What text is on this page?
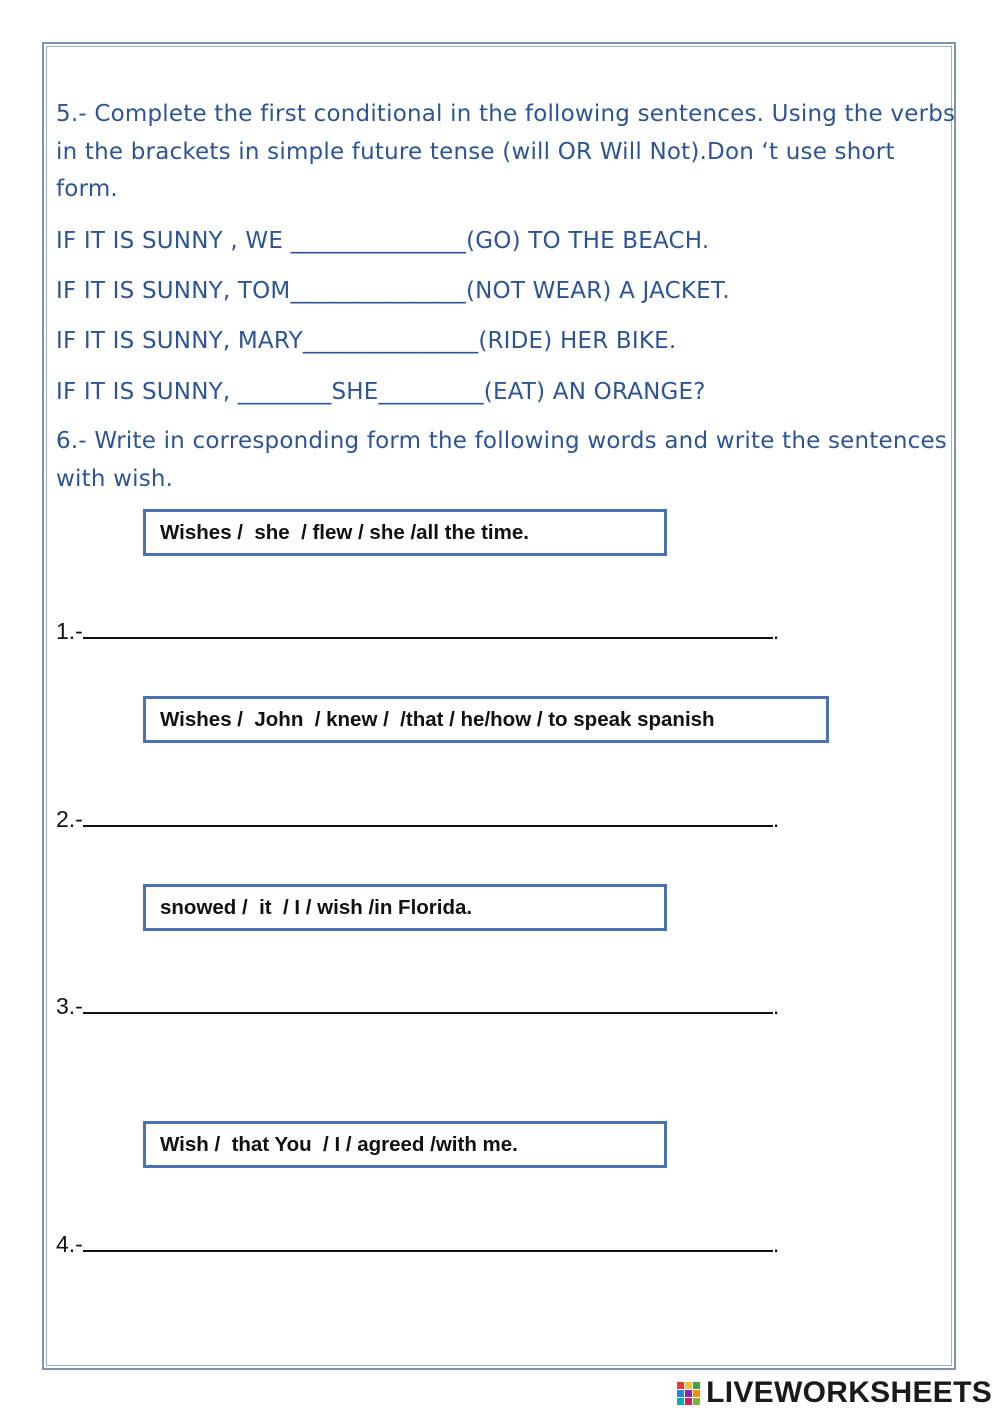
5.- Complete the first conditional in the following sentences. Using the verbs in the brackets in simple future tense (will OR Will Not).Don ‘t use short form.

IF IT IS SUNNY , WE _______________(GO) TO THE BEACH.

IF IT IS SUNNY, TOM_______________(NOT WEAR) A JACKET.

IF IT IS SUNNY, MARY_______________(RIDE) HER BIKE.

IF IT IS SUNNY, ________SHE_________(EAT) AN ORANGE?

6.- Write in corresponding form the following words and write the sentences with wish.

Wishes /  she  / flew / she /all the time.
1.-	.
Wishes /  John  / knew /  /that / he/how / to speak spanish
2.-	.
snowed /  it  / I / wish /in Florida.
3.-	.
Wish /  that You  / I / agreed /with me.
4.-	.
LIVEWORKSHEETS
